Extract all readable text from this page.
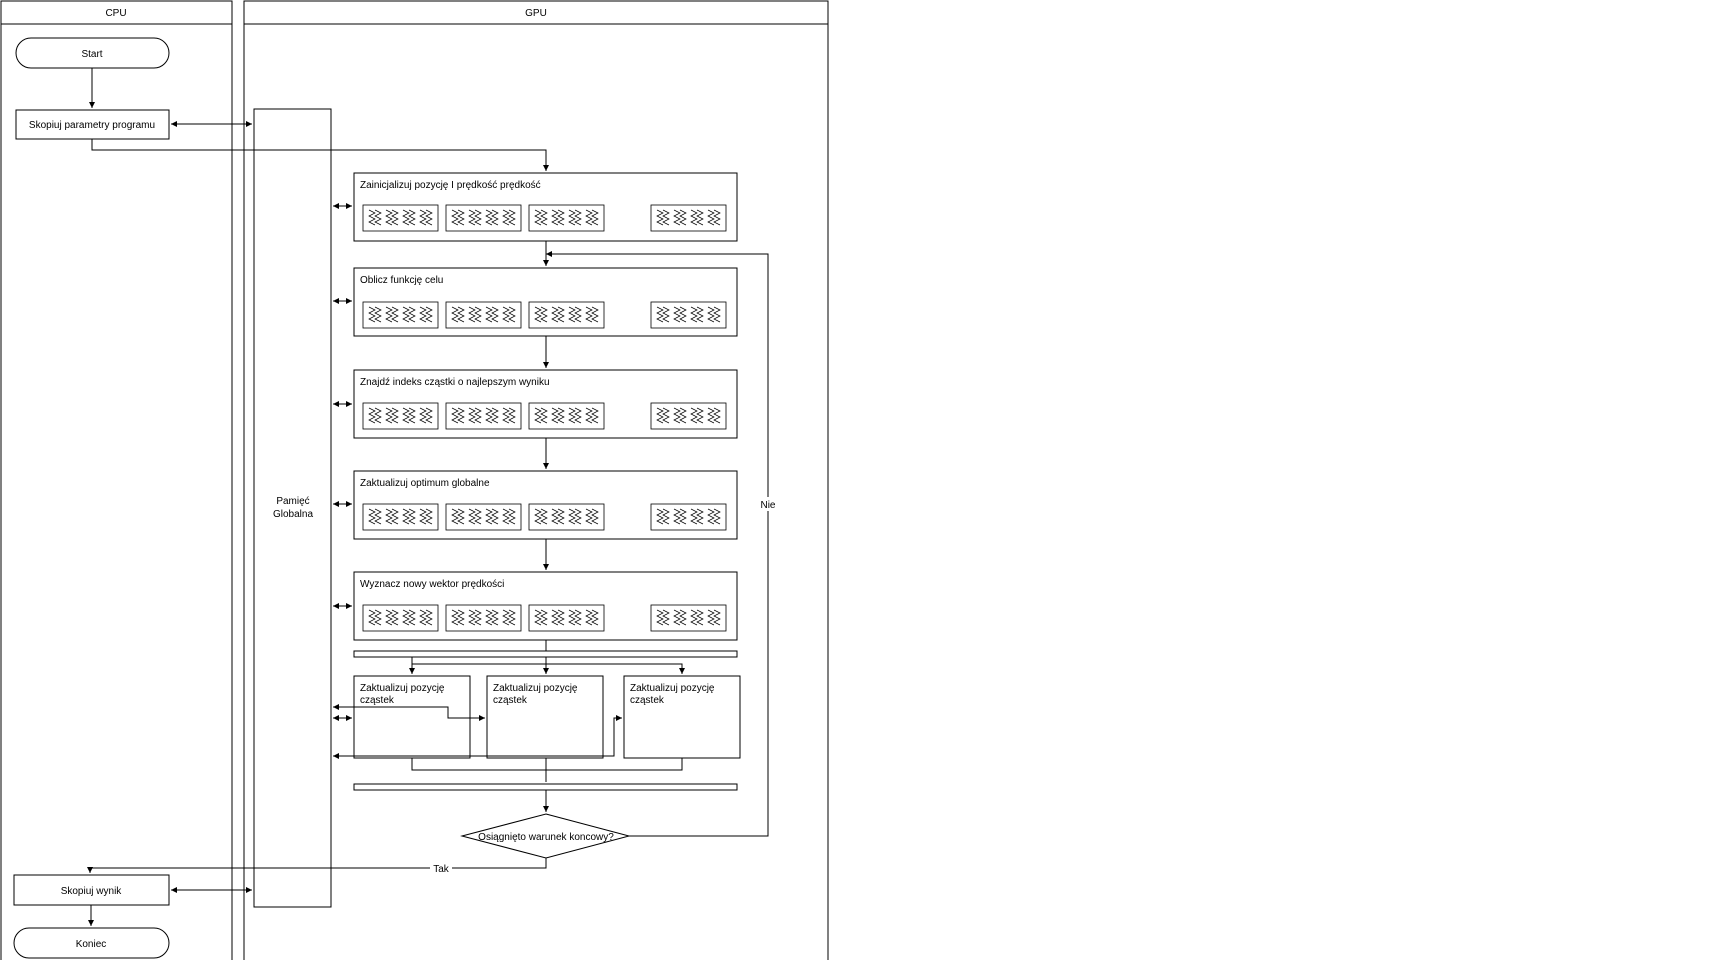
CPU	GPU
Start
Skopiuj parametry programu
Skopiuj wynik
Koniec
Pamięć
Globalna
Zainicjalizuj pozycję I prędkość prędkość
Oblicz funkcję celu
Znajdź indeks cząstki o najlepszym wyniku
Zaktualizuj optimum globalne
Wyznacz nowy wektor prędkości
Zaktualizuj pozycję
cząstek
Zaktualizuj pozycję
cząstek
Zaktualizuj pozycję
cząstek
Osiągnięto warunek koncowy?
Nie
Tak
